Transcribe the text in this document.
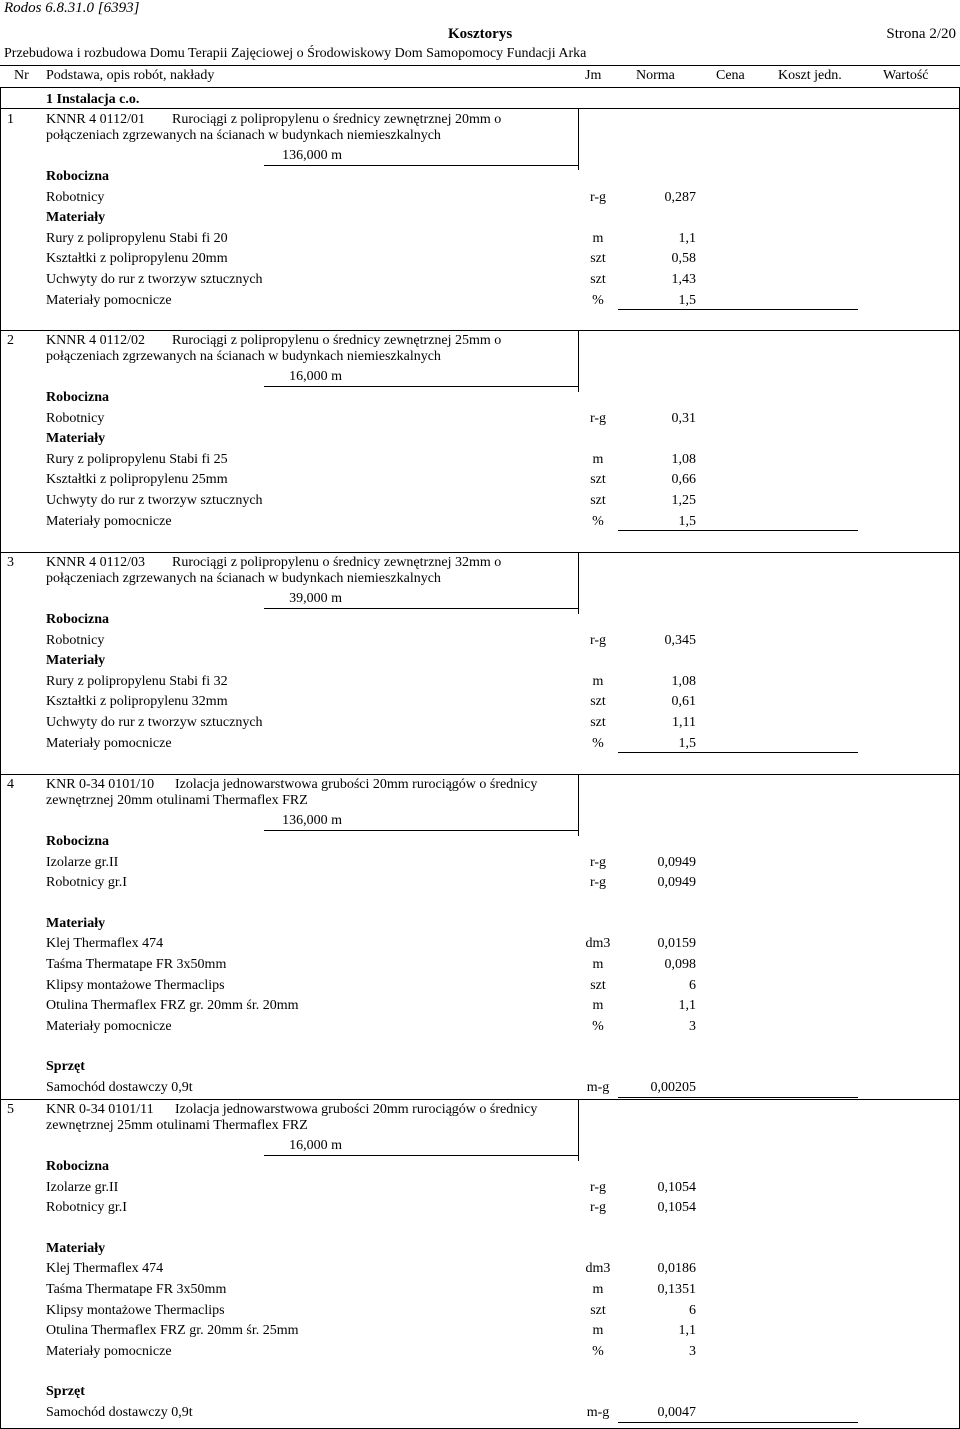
Rodos 6.8.31.0 [6393]
Kosztorys	Strona 2/20
Przebudowa i rozbudowa Domu Terapii Zajęciowej o Środowiskowy Dom Samopomocy Fundacji Arka
Nr Podstawa, opis robót, nakłady	Jm Norma	Cena Koszt jedn.	Wartość
1 Instalacja c.o.
1 KNNR 4 0112/01 Rurociągi z polipropylenu o średnicy zewnętrznej 20mm o
połączeniach zgrzewanych na ścianach w budynkach niemieszkalnych
136,000 m
Robocizna
Robotnicy	r-g	0,287
Materiały
Rury z polipropylenu Stabi fi 20	m	1,1
Kształtki z polipropylenu 20mm	szt	0,58
Uchwyty do rur z tworzyw sztucznych	szt	1,43
Materiały pomocnicze	%	1,5
2 KNNR 4 0112/02 Rurociągi z polipropylenu o średnicy zewnętrznej 25mm o
połączeniach zgrzewanych na ścianach w budynkach niemieszkalnych
16,000 m
Robocizna
Robotnicy	r-g	0,31
Materiały
Rury z polipropylenu Stabi fi 25	m	1,08
Kształtki z polipropylenu 25mm	szt	0,66
Uchwyty do rur z tworzyw sztucznych	szt	1,25
Materiały pomocnicze	%	1,5
3 KNNR 4 0112/03 Rurociągi z polipropylenu o średnicy zewnętrznej 32mm o
połączeniach zgrzewanych na ścianach w budynkach niemieszkalnych
39,000 m
Robocizna
Robotnicy	r-g	0,345
Materiały
Rury z polipropylenu Stabi fi 32	m	1,08
Kształtki z polipropylenu 32mm	szt	0,61
Uchwyty do rur z tworzyw sztucznych	szt	1,11
Materiały pomocnicze	%	1,5
4 KNR 0-34 0101/10 Izolacja jednowarstwowa grubości 20mm rurociągów o średnicy
zewnętrznej 20mm otulinami Thermaflex FRZ
136,000 m
Robocizna
Izolarze gr.II	r-g	0,0949
Robotnicy gr.I	r-g	0,0949
Materiały
Klej Thermaflex 474	dm3	0,0159
Taśma Thermatape FR 3x50mm	m	0,098
Klipsy montażowe Thermaclips	szt	6
Otulina Thermaflex FRZ gr. 20mm śr. 20mm	m	1,1
Materiały pomocnicze	%	3
Sprzęt
Samochód dostawczy 0,9t	m-g	0,00205
5 KNR 0-34 0101/11 Izolacja jednowarstwowa grubości 20mm rurociągów o średnicy
zewnętrznej 25mm otulinami Thermaflex FRZ
16,000 m
Robocizna
Izolarze gr.II	r-g	0,1054
Robotnicy gr.I	r-g	0,1054
Materiały
Klej Thermaflex 474	dm3	0,0186
Taśma Thermatape FR 3x50mm	m	0,1351
Klipsy montażowe Thermaclips	szt	6
Otulina Thermaflex FRZ gr. 20mm śr. 25mm	m	1,1
Materiały pomocnicze	%	3
Sprzęt
Samochód dostawczy 0,9t	m-g	0,0047
